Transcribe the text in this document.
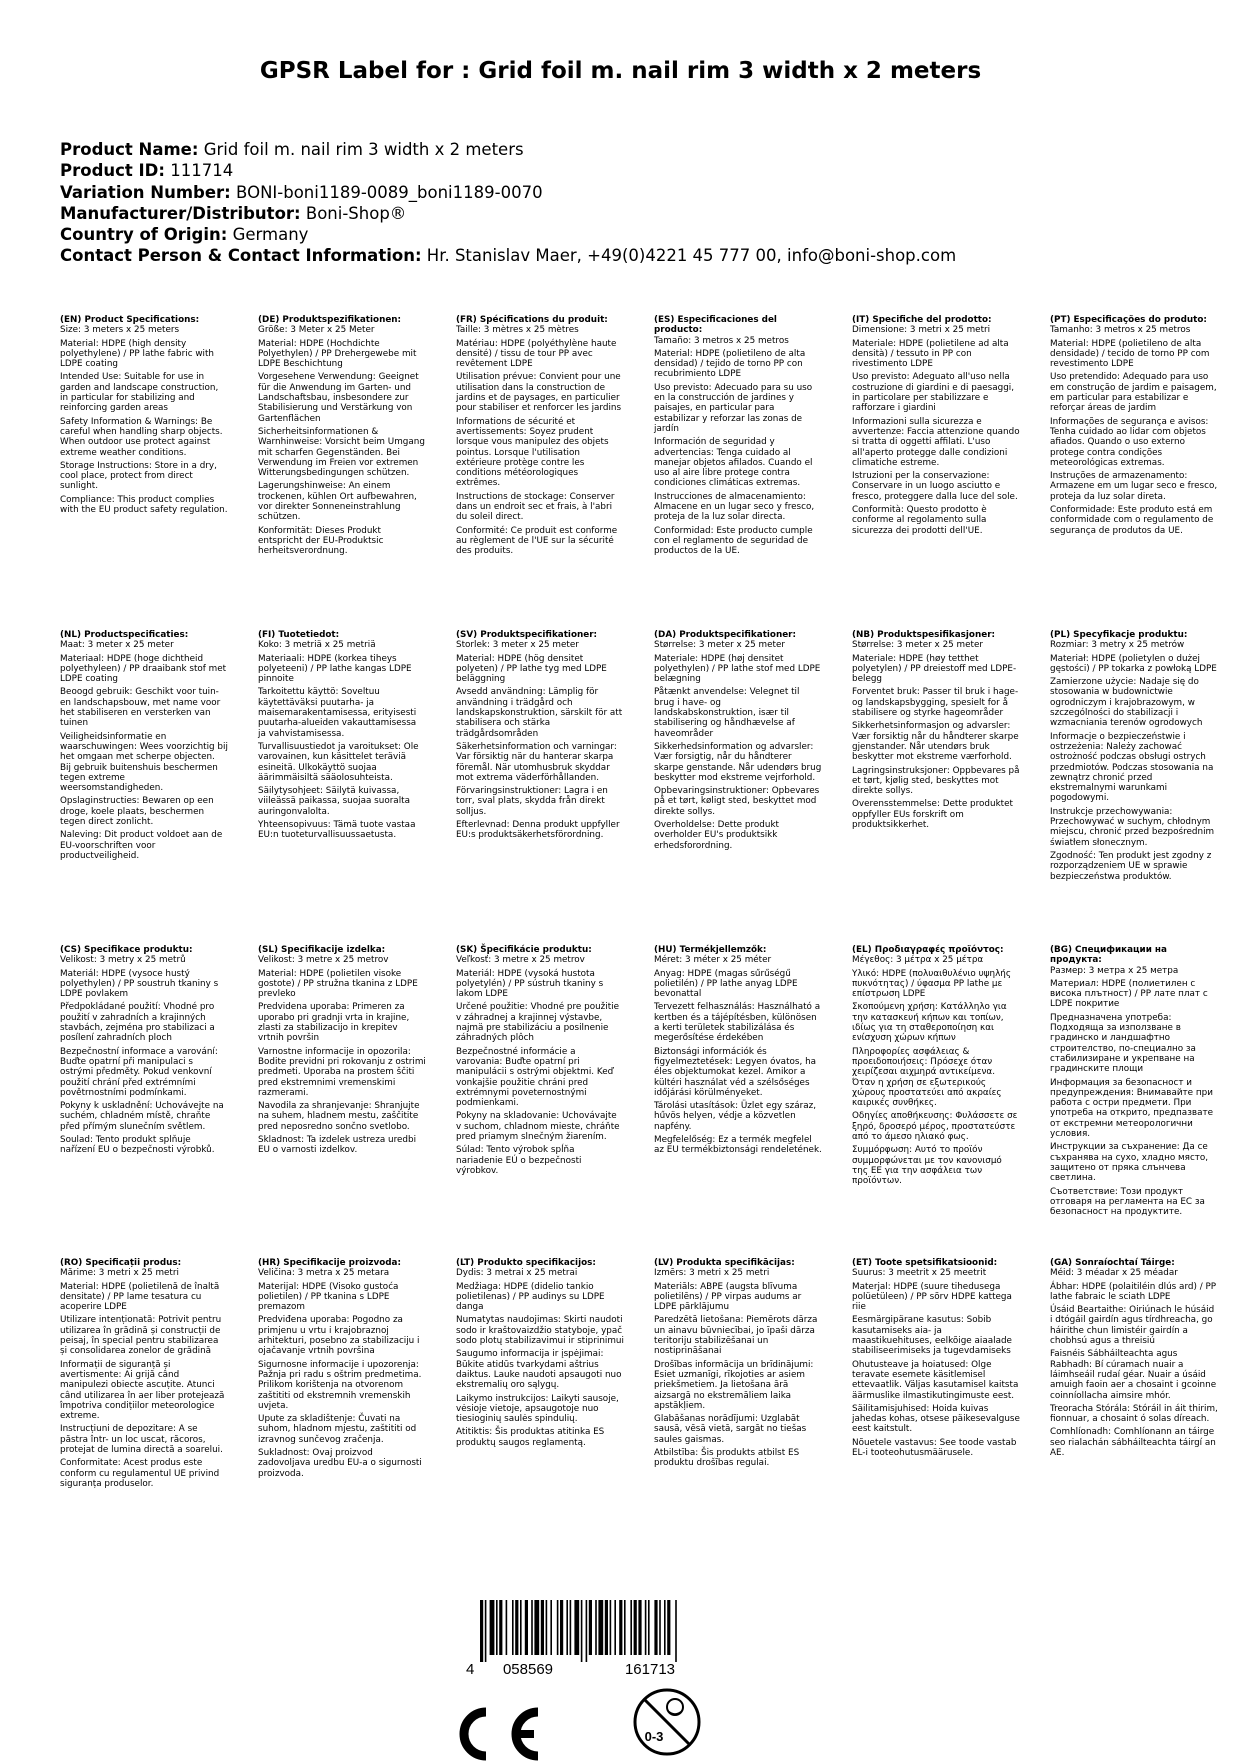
GPSR Label for : Grid foil m. nail rim 3 width x 2 meters
Product Name: Grid foil m. nail rim 3 width x 2 meters
Product ID: 111714
Variation Number: BONI-boni1189-0089_boni1189-0070
Manufacturer/Distributor: Boni-Shop®
Country of Origin: Germany
Contact Person & Contact Information: Hr. Stanislav Maer, +49(0)4221 45 777 00, info@boni-shop.com
(EN) Product Specifications:

Size: 3 meters x 25 meters

Material: HDPE (high density polyethylene) / PP lathe fabric with LDPE coating

Intended Use: Suitable for use in garden and landscape construction, in particular for stabilizing and reinforcing garden areas

Safety Information & Warnings: Be careful when handling sharp objects. When outdoor use protect against extreme weather conditions.

Storage Instructions: Store in a dry, cool place, protect from direct sunlight.

Compliance: This product complies with the EU product safety regulation.

(DE) Produktspezifikationen:

Größe: 3 Meter x 25 Meter

Material: HDPE (Hochdichte Polyethylen) / PP Drehergewebe mit LDPE Beschichtung

Vorgesehene Verwendung: Geeignet für die Anwendung im Garten- und Landschaftsbau, insbesondere zur Stabilisierung und Verstärkung von Gartenflächen

Sicherheitsinformationen & Warnhinweise: Vorsicht beim Umgang mit scharfen Gegenständen. Bei Verwendung im Freien vor extremen Witterungsbedingungen schützen.

Lagerungshinweise: An einem trockenen, kühlen Ort aufbewahren, vor direkter Sonneneinstrahlung schützen.

Konformität: Dieses Produkt entspricht der EU-Produktsic herheitsverordnung.

(FR) Spécifications du produit:

Taille: 3 mètres x 25 mètres

Matériau: HDPE (polyéthylène haute densité) / tissu de tour PP avec revêtement LDPE

Utilisation prévue: Convient pour une utilisation dans la construction de jardins et de paysages, en particulier pour stabiliser et renforcer les jardins

Informations de sécurité et avertissements: Soyez prudent lorsque vous manipulez des objets pointus. Lorsque l'utilisation extérieure protège contre les conditions météorologiques extrêmes.

Instructions de stockage: Conserver dans un endroit sec et frais, à l'abri du soleil direct.

Conformité: Ce produit est conforme au règlement de l'UE sur la sécurité des produits.

(ES) Especificaciones del producto:

Tamaño: 3 metros x 25 metros

Material: HDPE (polietileno de alta densidad) / tejido de torno PP con recubrimiento LDPE

Uso previsto: Adecuado para su uso en la construcción de jardines y paisajes, en particular para estabilizar y reforzar las zonas de jardín

Información de seguridad y advertencias: Tenga cuidado al manejar objetos afilados. Cuando el uso al aire libre protege contra condiciones climáticas extremas.

Instrucciones de almacenamiento: Almacene en un lugar seco y fresco, proteja de la luz solar directa.

Conformidad: Este producto cumple con el reglamento de seguridad de productos de la UE.

(IT) Specifiche del prodotto:

Dimensione: 3 metri x 25 metri

Materiale: HDPE (polietilene ad alta densità) / tessuto in PP con rivestimento LDPE

Uso previsto: Adeguato all'uso nella costruzione di giardini e di paesaggi, in particolare per stabilizzare e rafforzare i giardini

Informazioni sulla sicurezza e avvertenze: Faccia attenzione quando si tratta di oggetti affilati. L'uso all'aperto protegge dalle condizioni climatiche estreme.

Istruzioni per la conservazione: Conservare in un luogo asciutto e fresco, proteggere dalla luce del sole.

Conformità: Questo prodotto è conforme al regolamento sulla sicurezza dei prodotti dell'UE.

(PT) Especificações do produto:

Tamanho: 3 metros x 25 metros

Material: HDPE (polietileno de alta densidade) / tecido de torno PP com revestimento LDPE

Uso pretendido: Adequado para uso em construção de jardim e paisagem, em particular para estabilizar e reforçar áreas de jardim

Informações de segurança e avisos: Tenha cuidado ao lidar com objetos afiados. Quando o uso externo protege contra condições meteorológicas extremas.

Instruções de armazenamento: Armazene em um lugar seco e fresco, proteja da luz solar direta.

Conformidade: Este produto está em conformidade com o regulamento de segurança de produtos da UE.

(NL) Productspecificaties:

Maat: 3 meter x 25 meter

Materiaal: HDPE (hoge dichtheid polyethyleen) / PP draaibank stof met LDPE coating

Beoogd gebruik: Geschikt voor tuin- en landschapsbouw, met name voor het stabiliseren en versterken van tuinen

Veiligheidsinformatie en waarschuwingen: Wees voorzichtig bij het omgaan met scherpe objecten. Bij gebruik buitenshuis beschermen tegen extreme weersomstandigheden.

Opslaginstructies: Bewaren op een droge, koele plaats, beschermen tegen direct zonlicht.

Naleving: Dit product voldoet aan de EU-voorschriften voor productveiligheid.

(FI) Tuotetiedot:

Koko: 3 metriä x 25 metriä

Materiaali: HDPE (korkea tiheys polyeteeni) / PP lathe kangas LDPE pinnoite

Tarkoitettu käyttö: Soveltuu käytettäväksi puutarha- ja maisemarakentamisessa, erityisesti puutarha-alueiden vakauttamisessa ja vahvistamisessa.

Turvallisuustiedot ja varoitukset: Ole varovainen, kun käsittelet teräviä esineitä. Ulkokäyttö suojaa äärimmäisiltä sääolosuhteista.

Säilytysohjeet: Säilytä kuivassa, viileässä paikassa, suojaa suoralta auringonvalolta.

Yhteensopivuus: Tämä tuote vastaa EU:n tuoteturvallisuussaetusta.

(SV) Produktspecifikationer:

Storlek: 3 meter x 25 meter

Material: HDPE (hög densitet polyeten) / PP lathe tyg med LDPE beläggning

Avsedd användning: Lämplig för användning i trädgård och landskapskonstruktion, särskilt för att stabilisera och stärka trädgårdsområden

Säkerhetsinformation och varningar: Var försiktig när du hanterar skarpa föremål. När utomhusbruk skyddar mot extrema väderförhållanden.

Förvaringsinstruktioner: Lagra i en torr, sval plats, skydda från direkt solljus.

Efterlevnad: Denna produkt uppfyller EU:s produktsäkerhetsförordning.

(DA) Produktspecifikationer:

Størrelse: 3 meter x 25 meter

Materiale: HDPE (høj densitet polyethylen) / PP lathe stof med LDPE belægning

Påtænkt anvendelse: Velegnet til brug i have- og landskabskonstruktion, især til stabilisering og håndhævelse af haveområder

Sikkerhedsinformation og advarsler: Vær forsigtig, når du håndterer skarpe genstande. Når udendørs brug beskytter mod ekstreme vejrforhold.

Opbevaringsinstruktioner: Opbevares på et tørt, køligt sted, beskyttet mod direkte sollys.

Overholdelse: Dette produkt overholder EU's produktsikk erhedsforordning.

(NB) Produktspesifikasjoner:

Størrelse: 3 meter x 25 meter

Materiale: HDPE (høy tetthet polyetylen) / PP dreiestoff med LDPE-belegg

Forventet bruk: Passer til bruk i hage- og landskapsbygging, spesielt for å stabilisere og styrke hageområder

Sikkerhetsinformasjon og advarsler: Vær forsiktig når du håndterer skarpe gjenstander. Når utendørs bruk beskytter mot ekstreme værforhold.

Lagringsinstruksjoner: Oppbevares på et tørt, kjølig sted, beskyttes mot direkte sollys.

Overensstemmelse: Dette produktet oppfyller EUs forskrift om produktsikkerhet.

(PL) Specyfikacje produktu:

Rozmiar: 3 metry x 25 metrów

Materiał: HDPE (polietylen o dużej gęstości) / PP tokarka z powłoką LDPE

Zamierzone użycie: Nadaje się do stosowania w budownictwie ogrodniczym i krajobrazowym, w szczególności do stabilizacji i wzmacniania terenów ogrodowych

Informacje o bezpieczeństwie i ostrzeżenia: Należy zachować ostrożność podczas obsługi ostrych przedmiotów. Podczas stosowania na zewnątrz chronić przed ekstremalnymi warunkami pogodowymi.

Instrukcje przechowywania: Przechowywać w suchym, chłodnym miejscu, chronić przed bezpośrednim światłem słonecznym.

Zgodność: Ten produkt jest zgodny z rozporządzeniem UE w sprawie bezpieczeństwa produktów.

(CS) Specifikace produktu:

Velikost: 3 metry x 25 metrů

Materiál: HDPE (vysoce hustý polyethylen) / PP soustruh tkaniny s LDPE povlakem

Předpokládané použití: Vhodné pro použití v zahradních a krajinných stavbách, zejména pro stabilizaci a posílení zahradních ploch

Bezpečnostní informace a varování: Buďte opatrní při manipulaci s ostrými předměty. Pokud venkovní použití chrání před extrémními povětrnostními podmínkami.

Pokyny k uskladnění: Uchovávejte na suchém, chladném místě, chraňte před přímým slunečním světlem.

Soulad: Tento produkt splňuje nařízení EU o bezpečnosti výrobků.

(SL) Specifikacije izdelka:

Velikost: 3 metre x 25 metrov

Material: HDPE (polietilen visoke gostote) / PP stružna tkanina z LDPE prevleko

Predvidena uporaba: Primeren za uporabo pri gradnji vrta in krajine, zlasti za stabilizacijo in krepitev vrtnih površin

Varnostne informacije in opozorila: Bodite previdni pri rokovanju z ostrimi predmeti. Uporaba na prostem ščiti pred ekstremnimi vremenskimi razmerami.

Navodila za shranjevanje: Shranjujte na suhem, hladnem mestu, zaščitite pred neposredno sončno svetlobo.

Skladnost: Ta izdelek ustreza uredbi EU o varnosti izdelkov.

(SK) Špecifikácie produktu:

Veľkosť: 3 metre x 25 metrov

Materiál: HDPE (vysoká hustota polyetylén) / PP sústruh tkaniny s lakom LDPE

Určené použitie: Vhodné pre použitie v záhradnej a krajinnej výstavbe, najmä pre stabilizáciu a posilnenie záhradných plôch

Bezpečnostné informácie a varovania: Buďte opatrní pri manipulácii s ostrými objektmi. Keď vonkajšie použitie chráni pred extrémnymi poveternostnými podmienkami.

Pokyny na skladovanie: Uchovávajte v suchom, chladnom mieste, chráňte pred priamym slnečným žiarením.

Súlad: Tento výrobok spĺňa nariadenie EÚ o bezpečnosti výrobkov.

(HU) Termékjellemzők:

Méret: 3 méter x 25 méter

Anyag: HDPE (magas sűrűségű polietilén) / PP lathe anyag LDPE bevonattal

Tervezett felhasználás: Használható a kertben és a tájépítésben, különösen a kerti területek stabilizálása és megerősítése érdekében

Biztonsági információk és figyelmeztetések: Legyen óvatos, ha éles objektumokat kezel. Amikor a kültéri használat véd a szélsőséges időjárási körülményeket.

Tárolási utasítások: Üzlet egy száraz, hűvös helyen, védje a közvetlen napfény.

Megfelelőség: Ez a termék megfelel az EU termékbiztonsági rendeletének.

(EL) Προδιαγραφές προϊόντος:

Μέγεθος: 3 μέτρα x 25 μέτρα

Υλικό: HDPE (πολυαιθυλένιο υψηλής πυκνότητας) / ύφασμα PP lathe με επίστρωση LDPE

Σκοπούμενη χρήση: Κατάλληλο για την κατασκευή κήπων και τοπίων, ιδίως για τη σταθεροποίηση και ενίσχυση χώρων κήπων

Πληροφορίες ασφάλειας & προειδοποιήσεις: Πρόσεχε όταν χειρίζεσαι αιχμηρά αντικείμενα. Όταν η χρήση σε εξωτερικούς χώρους προστατεύει από ακραίες καιρικές συνθήκες.

Οδηγίες αποθήκευσης: Φυλάσσετε σε ξηρό, δροσερό μέρος, προστατεύστε από το άμεσο ηλιακό φως.

Συμμόρφωση: Αυτό το προϊόν συμμορφώνεται με τον κανονισμό της ΕΕ για την ασφάλεια των προϊόντων.

(BG) Спецификации на продукта:

Размер: 3 метра x 25 метра

Материал: HDPE (полиетилен с висока плътност) / PP лате плат с LDPE покритие

Предназначена употреба: Подходяща за използване в градинско и ландшафтно строителство, по-специално за стабилизиране и укрепване на градинските площи

Информация за безопасност и предупреждения: Внимавайте при работа с остри предмети. При употреба на открито, предпазвате от екстремни метеорологични условия.

Инструкции за съхранение: Да се съхранява на сухо, хладно място, защитено от пряка слънчева светлина.

Съответствие: Този продукт отговаря на регламента на ЕС за безопасност на продуктите.

(RO) Specificații produs:

Mărime: 3 metri x 25 metri

Material: HDPE (polietilenă de înaltă densitate) / PP lame tesatura cu acoperire LDPE

Utilizare intenționată: Potrivit pentru utilizarea în grădină și construcții de peisaj, în special pentru stabilizarea și consolidarea zonelor de grădină

Informații de siguranță și avertismente: Ai grijă când manipulezi obiecte ascuțite. Atunci când utilizarea în aer liber protejează împotriva condițiilor meteorologice extreme.

Instrucțiuni de depozitare: A se păstra într- un loc uscat, răcoros, protejat de lumina directă a soarelui.

Conformitate: Acest produs este conform cu regulamentul UE privind siguranța produselor.

(HR) Specifikacije proizvoda:

Veličina: 3 metra x 25 metara

Materijal: HDPE (Visoko gustoća polietilen) / PP tkanina s LDPE premazom

Predviđena uporaba: Pogodno za primjenu u vrtu i krajobraznoj arhitekturi, posebno za stabilizaciju i ojačavanje vrtnih površina

Sigurnosne informacije i upozorenja: Pažnja pri radu s oštrim predmetima. Prilikom korištenja na otvorenom zaštititi od ekstremnih vremenskih uvjeta.

Upute za skladištenje: Čuvati na suhom, hladnom mjestu, zaštititi od izravnog sunčevog zračenja.

Sukladnost: Ovaj proizvod zadovoljava uredbu EU-a o sigurnosti proizvoda.

(LT) Produkto specifikacijos:

Dydis: 3 metrai x 25 metrai

Medžiaga: HDPE (didelio tankio polietilenas) / PP audinys su LDPE danga

Numatytas naudojimas: Skirti naudoti sodo ir kraštovaizdžio statyboje, ypač sodo plotų stabilizavimui ir stiprinimui

Saugumo informacija ir įspėjimai: Būkite atidūs tvarkydami aštrius daiktus. Lauke naudoti apsaugoti nuo ekstremalių oro sąlygų.

Laikymo instrukcijos: Laikyti sausoje, vėsioje vietoje, apsaugotoje nuo tiesioginių saulės spindulių.

Atitiktis: Šis produktas atitinka ES produktų saugos reglamentą.

(LV) Produkta specifikācijas:

Izmērs: 3 metri x 25 metri

Materiāls: ABPE (augsta blīvuma polietilēns) / PP virpas audums ar LDPE pārklājumu

Paredzētā lietošana: Piemērots dārza un ainavu būvniecībai, jo īpaši dārza teritoriju stabilizēšanai un nostiprināšanai

Drošības informācija un brīdinājumi: Esiet uzmanīgi, rīkojoties ar asiem priekšmetiem. Ja lietošana ārā aizsargā no ekstremāliem laika apstākļiem.

Glabāšanas norādījumi: Uzglabāt sausā, vēsā vietā, sargāt no tiešas saules gaismas.

Atbilstība: Šis produkts atbilst ES produktu drošības regulai.

(ET) Toote spetsifikatsioonid:

Suurus: 3 meetrit x 25 meetrit

Materjal: HDPE (suure tihedusega polüetüleen) / PP sõrv HDPE kattega riie

Eesmärgipärane kasutus: Sobib kasutamiseks aia- ja maastikuehituses, eelkõige aiaalade stabiliseerimiseks ja tugevdamiseks

Ohutusteave ja hoiatused: Olge teravate esemete käsitlemisel ettevaatlik. Väljas kasutamisel kaitsta äärmuslike ilmastikutingimuste eest.

Säilitamisjuhised: Hoida kuivas jahedas kohas, otsese päikesevalguse eest kaitstult.

Nõuetele vastavus: See toode vastab EL-i tooteohutusmäärusele.

(GA) Sonraíochtaí Táirge:

Méid: 3 méadar x 25 méadar

Ábhar: HDPE (polaitiléin dlús ard) / PP lathe fabraic le sciath LDPE

Úsáid Beartaithe: Oiriúnach le húsáid i dtógáil gairdín agus tírdhreacha, go háirithe chun limistéir gairdín a chobhsú agus a threisiú

Faisnéis Sábháilteachta agus Rabhadh: Bí cúramach nuair a láimhseáil rudaí géar. Nuair a úsáid amuigh faoin aer a chosaint i gcoinne coinníollacha aimsire mhór.

Treoracha Stórála: Stóráil in áit thirim, fionnuar, a chosaint ó solas díreach.

Comhlíonadh: Comhlíonann an táirge seo rialachán sábháilteachta táirgí an AE.

4 058569	161713
0-3
